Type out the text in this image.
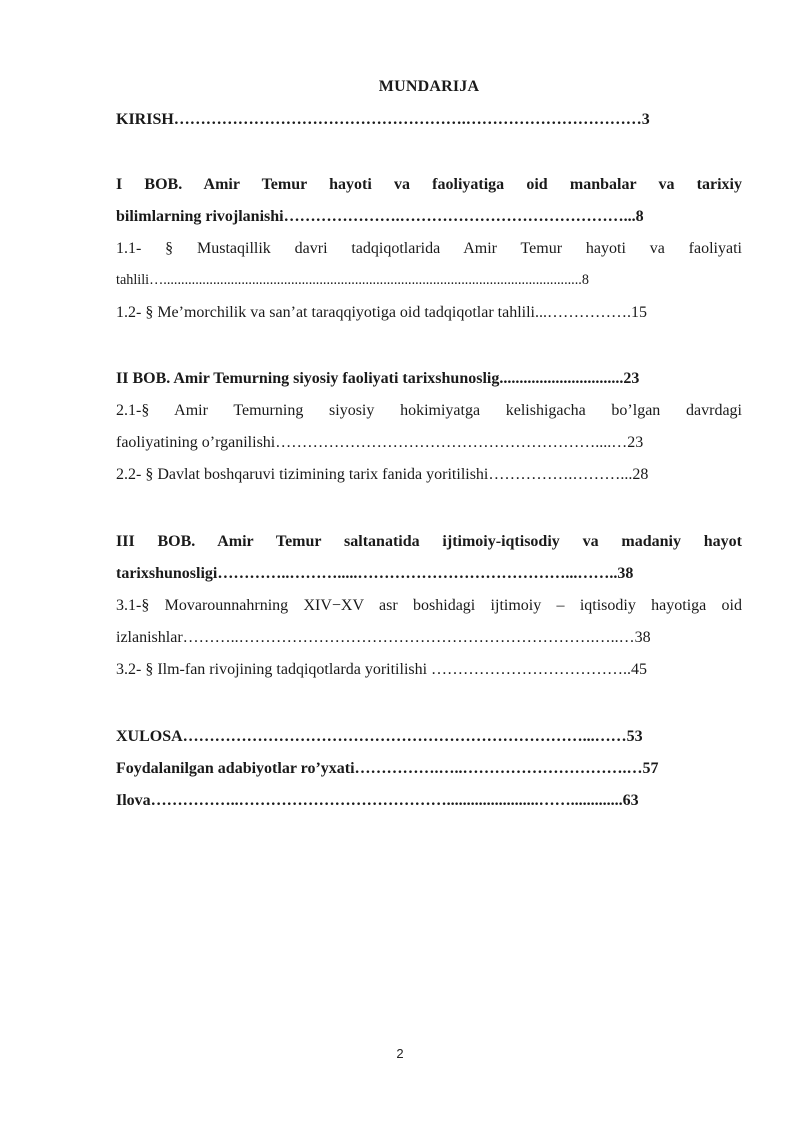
MUNDARIJA
KIRISH……………………………………………….……………………………3
I BOB. Amir Temur hayoti va faoliyatiga oid manbalar va tarixiy
bilimlarning rivojlanishi………………….……………………………………...8
1.1- § Mustaqillik davri tadqiqotlarida Amir Temur hayoti va faoliyati
tahlili…......................................................................................................................8
1.2- § Me’morchilik va san’at taraqqiyotiga oid tadqiqotlar tahlili...…………….15
II BOB. Amir Temurning siyosiy faoliyati tarixshunoslig...............................23
2.1-§ Amir Temurning siyosiy hokimiyatga kelishigacha bo’lgan davrdagi
faoliyatining o’rganilishi……………………………………………………....…23
2.2- § Davlat boshqaruvi tizimining tarix fanida yoritilishi…………….………...28
III BOB. Amir Temur saltanatida ijtimoiy-iqtisodiy va madaniy hayot
tarixshunosligi…………..……….....…………………………………...……..38
3.1-§ Movarounnahrning XIV−XV asr boshidagi ijtimoiy – iqtisodiy hayotiga oid
izlanishlar………..………………………………………………………….…..…38
3.2- § Ilm-fan rivojining tadqiqotlarda yoritilishi ………………………………..45
XULOSA…………………………………………………………………...……53
Foydalanilgan adabiyotlar ro’yxati…………….…..………………………….…57
Ilova……………..………………………………….......................…….............63
2
